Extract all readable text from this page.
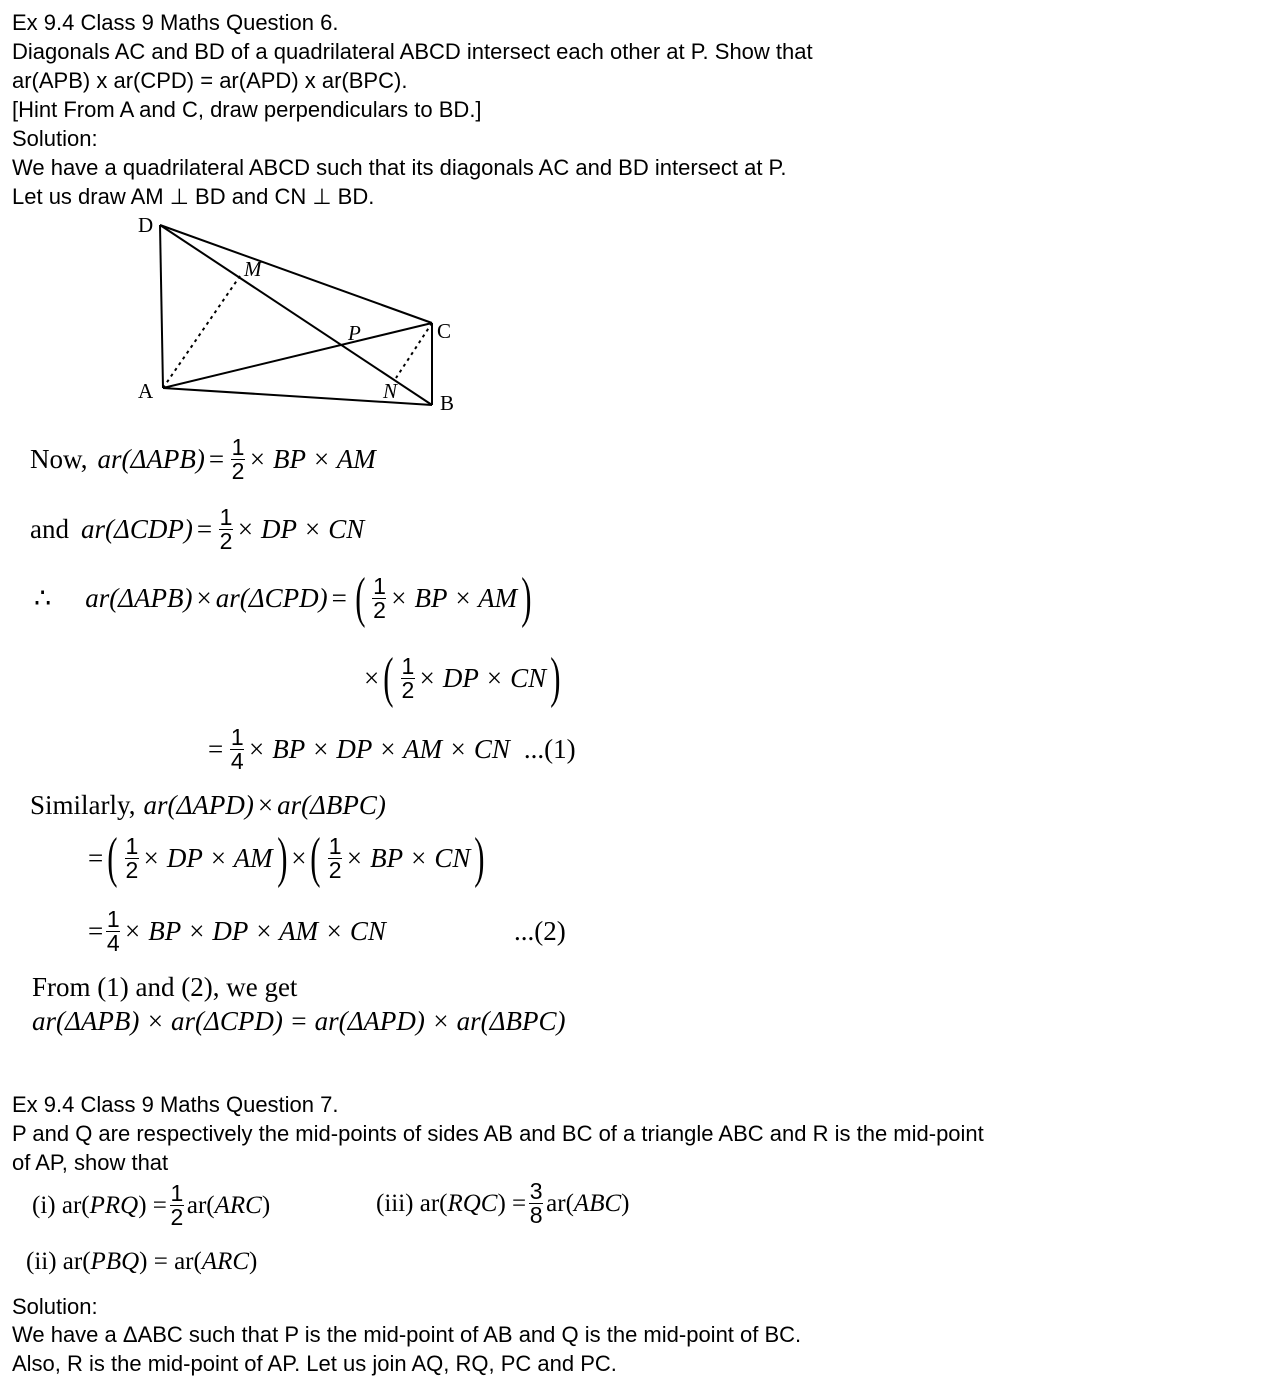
Ex 9.4 Class 9 Maths Question 6.
Diagonals AC and BD of a quadrilateral ABCD intersect each other at P. Show that
ar(APB) x ar(CPD) = ar(APD) x ar(BPC).
[Hint From A and C, draw perpendiculars to BD.]
Solution:
We have a quadrilateral ABCD such that its diagonals AC and BD intersect at P.
Let us draw AM ⊥ BD and CN ⊥ BD.
D
M
P	C
A	N B
Now, $ar(\Delta APB) = \frac{1}{2}$ × BP × AM
and $ar(\Delta CDP) = \frac{1}{2}$ × DP × CN
∴ ar(ΔAPB) × ar(ΔCPD) = ( $\frac{1}{2}$ × BP × AM )
× ( $\frac{1}{2}$ × DP × CN )
= $\frac{1}{4}$ × BP × DP × AM × CN ...(1)
Similarly, ar(ΔAPD) × ar(ΔBPC)
= ( $\frac{1}{2}$ × DP × AM ) × ( $\frac{1}{2}$ × BP × CN )
= $\frac{1}{4}$ × BP × DP × AM × CN	...(2)
From (1) and (2), we get
ar(ΔAPB) × ar(ΔCPD) = ar(ΔAPD) × ar(ΔBPC)
Ex 9.4 Class 9 Maths Question 7.
P and Q are respectively the mid-points of sides AB and BC of a triangle ABC and R is the mid-point
of AP, show that
(i) ar( PRQ ) = $\frac{1}{2} ar$( ARC )	(iii) ar( RQC ) = $\frac{3}{8} ar$( ABC )
(ii) ar( PBQ ) = ar( ARC )
Solution:
We have a ΔABC such that P is the mid-point of AB and Q is the mid-point of BC.
Also, R is the mid-point of AP. Let us join AQ, RQ, PC and PC.
